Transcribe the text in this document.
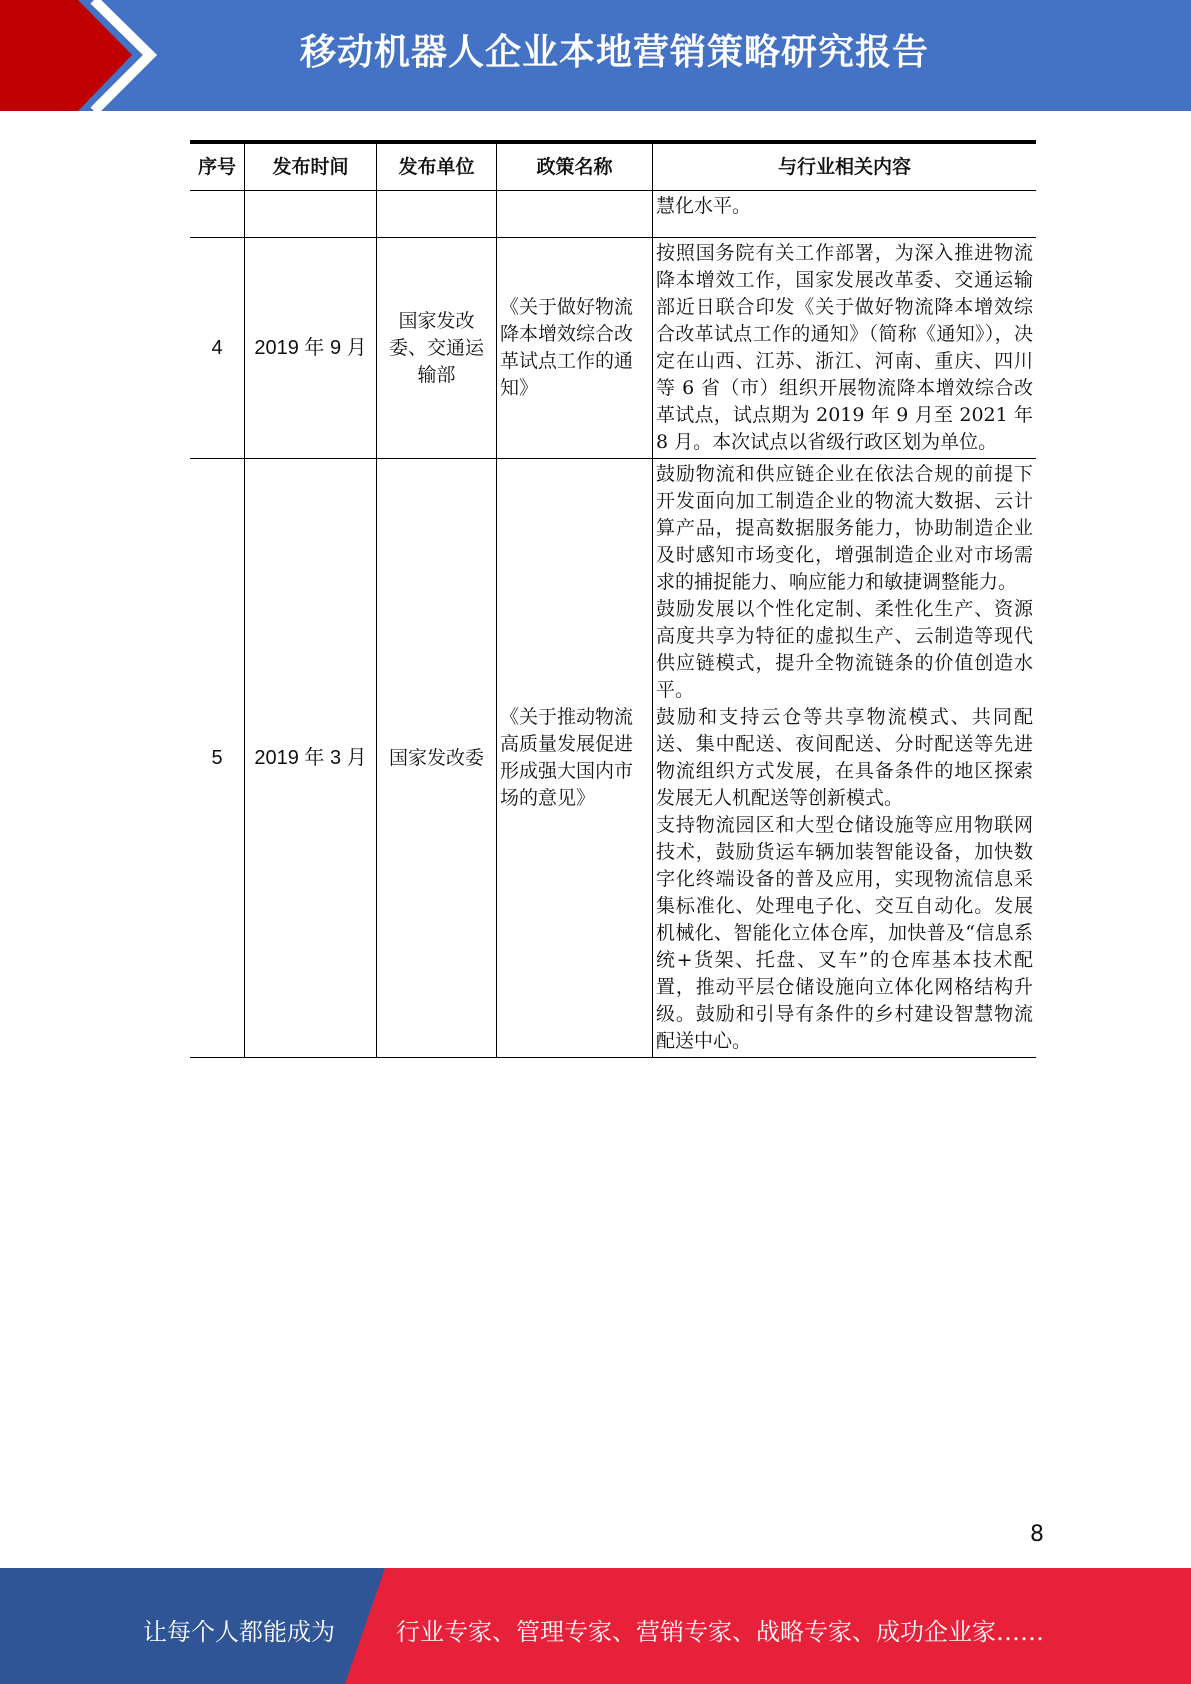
移动机器人企业本地营销策略研究报告
序号	发布时间	发布单位	政策名称	与行业相关内容
				慧化水平。
4	2019 年 9 月	国家发改委、交通运输部	《关于做好物流降本增效综合改革试点工作的通知》	按照国务院有关工作部署，为深入推进物流降本增效工作，国家发展改革委、交通运输部近日联合印发《关于做好物流降本增效综合改革试点工作的通知》（简称《通知》），决定在山西、江苏、浙江、河南、重庆、四川等 6 省（市）组织开展物流降本增效综合改革试点，试点期为 2019 年 9 月至 2021 年 8 月。本次试点以省级行政区划为单位。

5	2019 年 3 月	国家发改委	《关于推动物流高质量发展促进形成强大国内市场的意见》	鼓励物流和供应链企业在依法合规的前提下开发面向加工制造企业的物流大数据、云计算产品，提高数据服务能力，协助制造企业及时感知市场变化，增强制造企业对市场需求的捕捉能力、响应能力和敏捷调整能力。
鼓励发展以个性化定制、柔性化生产、资源高度共享为特征的虚拟生产、云制造等现代供应链模式，提升全物流链条的价值创造水平。
鼓励和支持云仓等共享物流模式、共同配送、集中配送、夜间配送、分时配送等先进物流组织方式发展，在具备条件的地区探索发展无人机配送等创新模式。
支持物流园区和大型仓储设施等应用物联网技术，鼓励货运车辆加装智能设备，加快数字化终端设备的普及应用，实现物流信息采集标准化、处理电子化、交互自动化。发展机械化、智能化立体仓库，加快普及“信息系统+货架、托盘、叉车”的仓库基本技术配置，推动平层仓储设施向立体化网格结构升级。鼓励和引导有条件的乡村建设智慧物流配送中心。
8
让每个人都能成为	行业专家、管理专家、营销专家、战略专家、成功企业家……
